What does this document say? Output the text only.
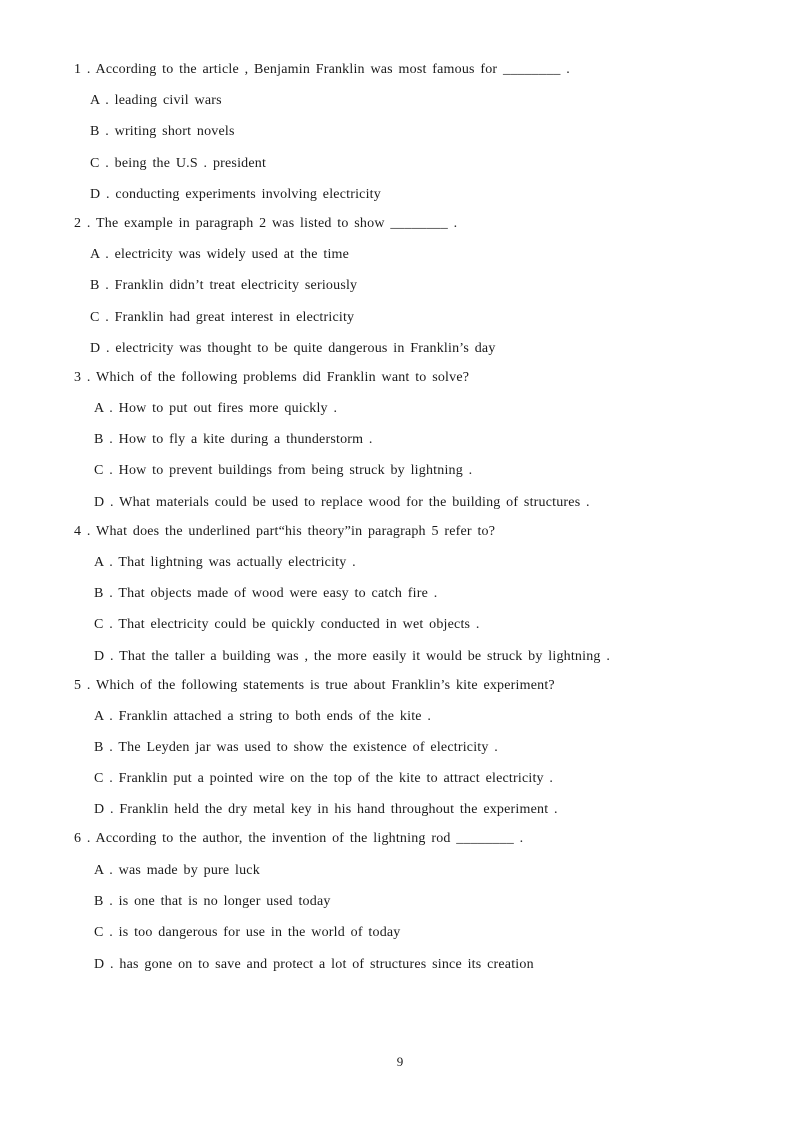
1 . According to the article , Benjamin Franklin was most famous for ________ .
A . leading civil wars
B . writing short novels
C . being the U.S . president
D . conducting experiments involving electricity
2 . The example in paragraph 2 was listed to show ________ .
A . electricity was widely used at the time
B . Franklin didn’t treat electricity seriously
C . Franklin had great interest in electricity
D . electricity was thought to be quite dangerous in Franklin’s day
3 . Which of the following problems did Franklin want to solve?
A . How to put out fires more quickly .
B . How to fly a kite during a thunderstorm .
C . How to prevent buildings from being struck by lightning .
D . What materials could be used to replace wood for the building of structures .
4 . What does the underlined part“his theory”in paragraph 5 refer to?
A . That lightning was actually electricity .
B . That objects made of wood were easy to catch fire .
C . That electricity could be quickly conducted in wet objects .
D . That the taller a building was , the more easily it would be struck by lightning .
5 . Which of the following statements is true about Franklin’s kite experiment?
A . Franklin attached a string to both ends of the kite .
B . The Leyden jar was used to show the existence of electricity .
C . Franklin put a pointed wire on the top of the kite to attract electricity .
D . Franklin held the dry metal key in his hand throughout the experiment .
6 . According to the author, the invention of the lightning rod ________ .
A . was made by pure luck
B . is one that is no longer used today
C . is too dangerous for use in the world of today
D . has gone on to save and protect a lot of structures since its creation
9
